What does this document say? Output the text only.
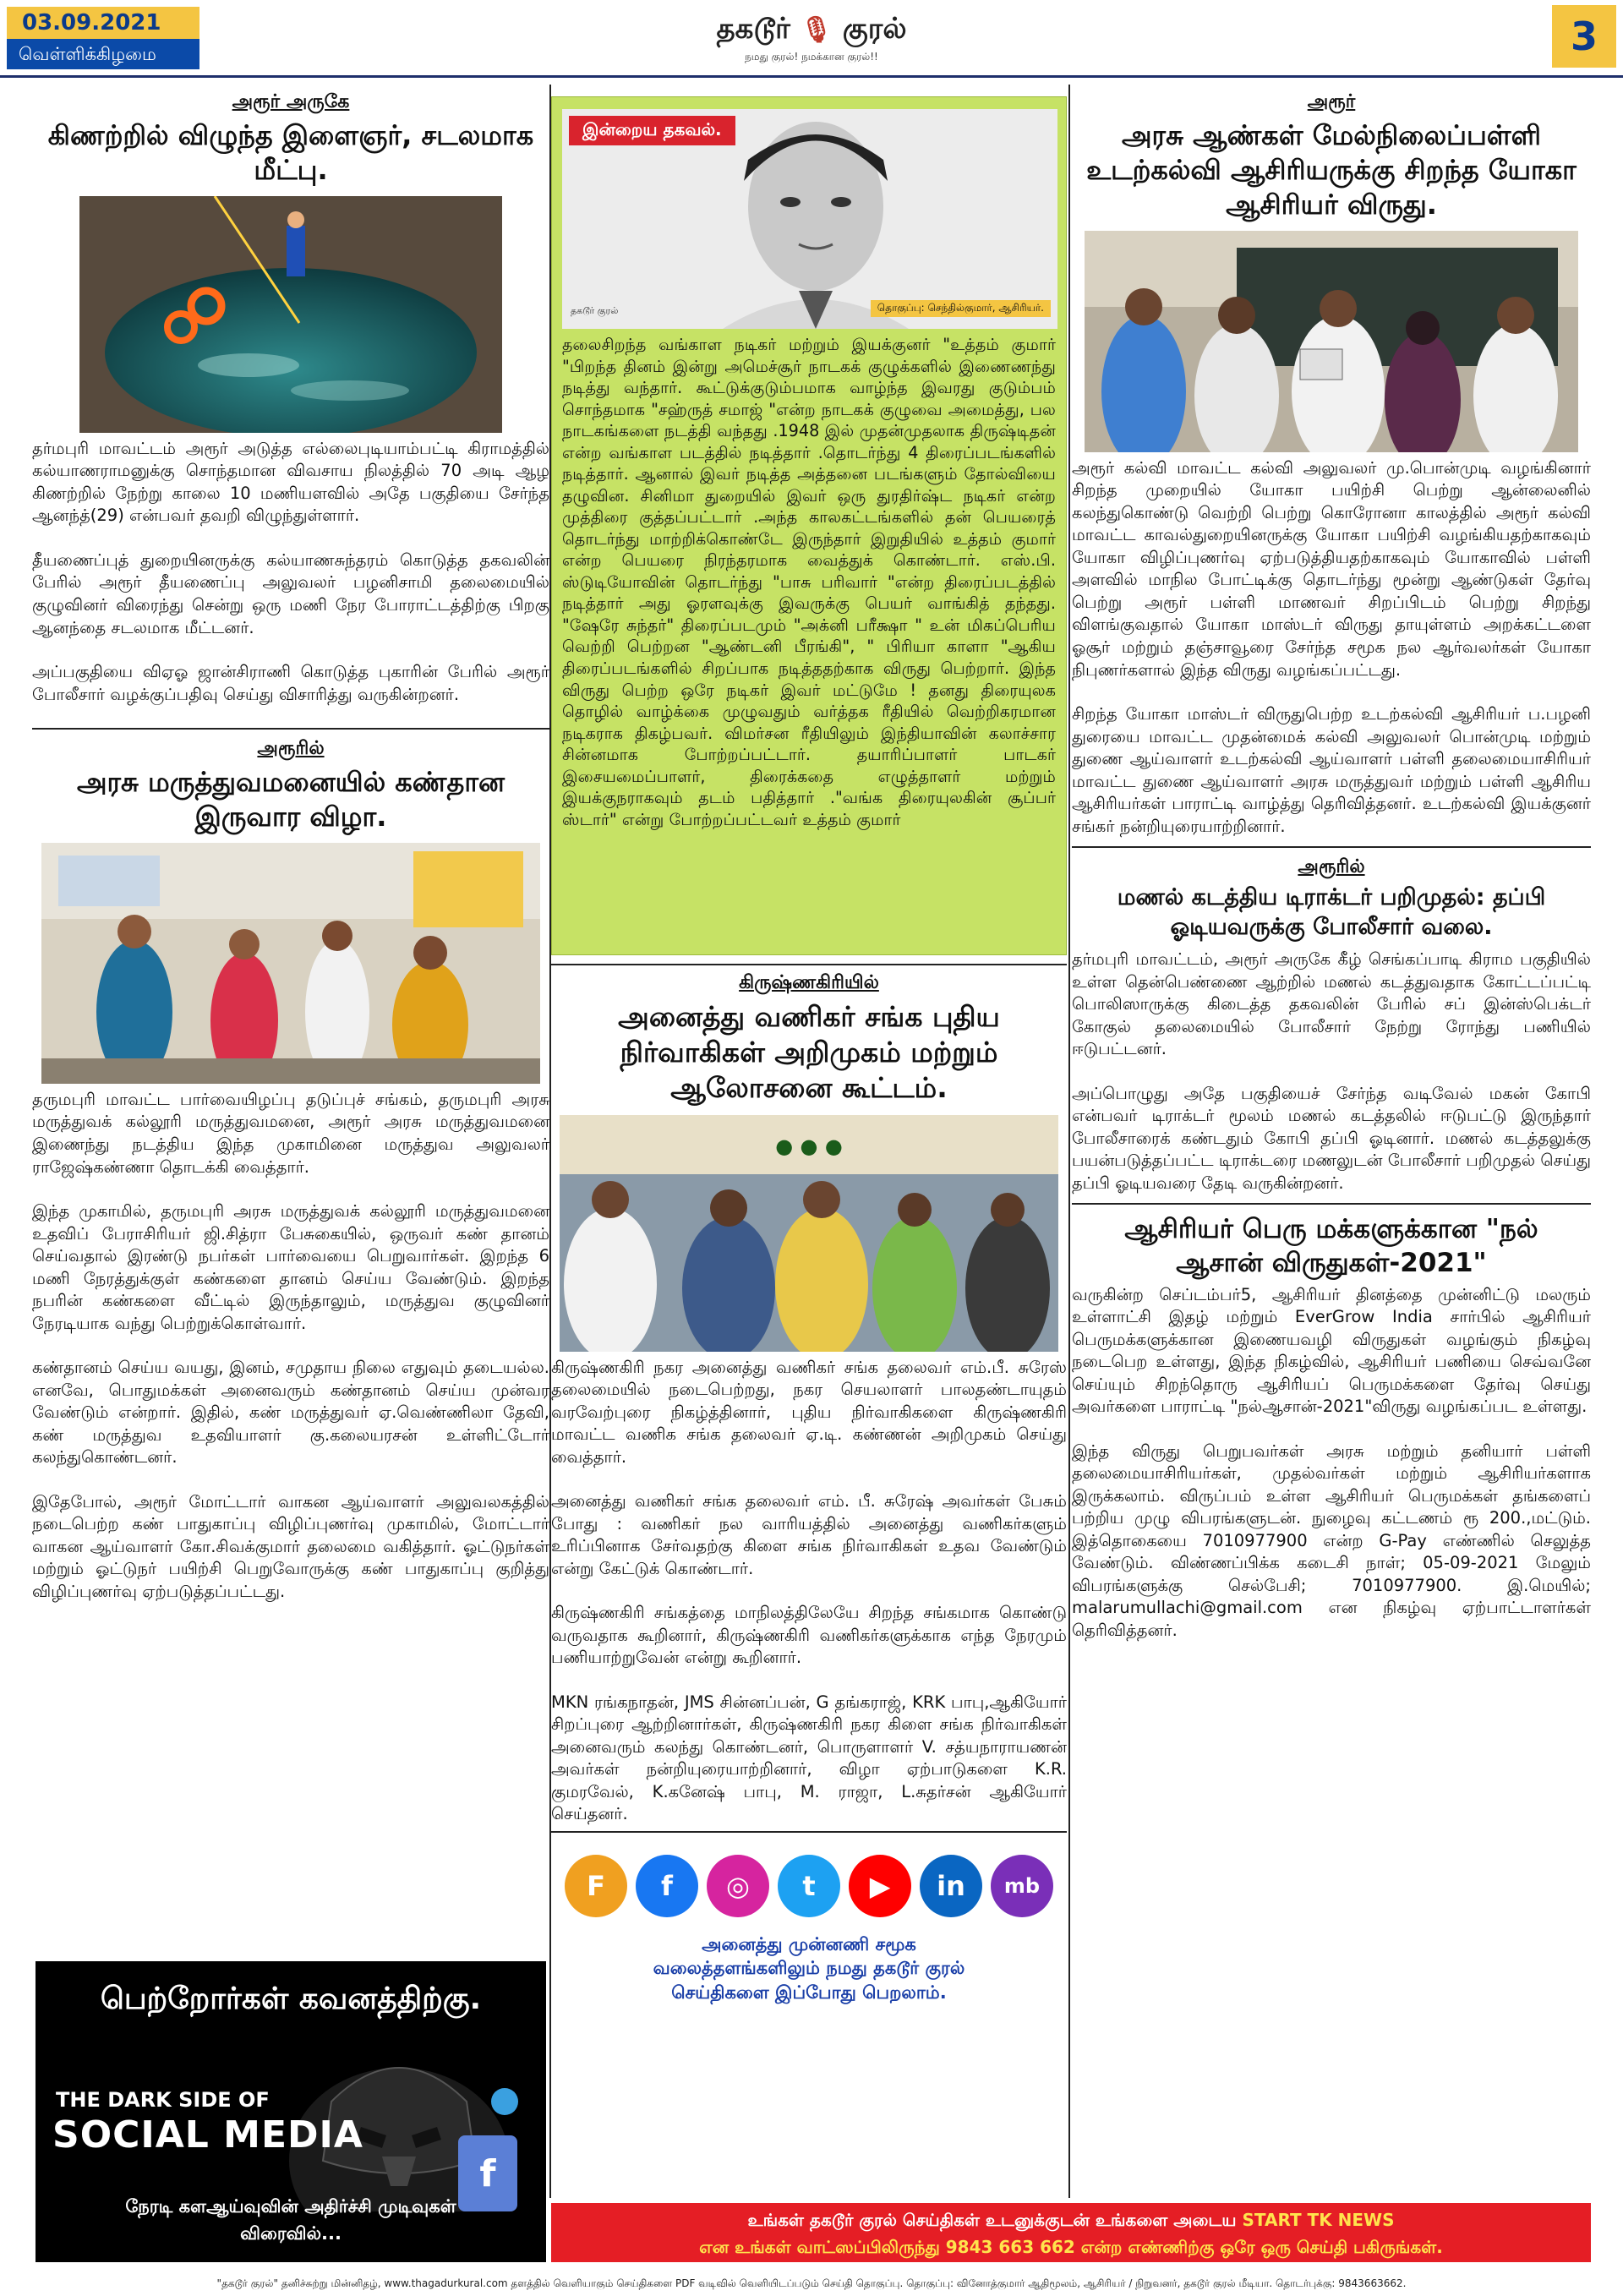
03.09.2021
வெள்ளிக்கிழமை
தகடூர் 🎙 குரல்
நமது குரல்! நமக்கான குரல்!!	3
அரூர் அருகே
கிணற்றில் விழுந்த இளைஞர், சடலமாக மீட்பு.

தர்மபுரி மாவட்டம் அரூர் அடுத்த எல்லைபுடியாம்பட்டி கிராமத்தில் கல்யாணராமனுக்கு சொந்தமான விவசாய நிலத்தில் 70 அடி ஆழ கிணற்றில் நேற்று காலை 10 மணியளவில் அதே பகுதியை சேர்ந்த ஆனந்த்(29) என்பவர் தவறி விழுந்துள்ளார்.

தீயணைப்புத் துறையினருக்கு கல்யாணசுந்தரம் கொடுத்த தகவலின் பேரில் அரூர் தீயணைப்பு அலுவலர் பழனிசாமி தலைமையில் குழுவினர் விரைந்து சென்று ஒரு மணி நேர போராட்டத்திற்கு பிறகு ஆனந்தை சடலமாக மீட்டனர்.

அப்பகுதியை விஏஓ ஜான்சிராணி கொடுத்த புகாரின் பேரில் அரூர் போலீசார் வழக்குப்பதிவு செய்து விசாரித்து வருகின்றனர்.

அரூரில்
அரசு மருத்துவமனையில் கண்தான இருவார விழா.

தருமபுரி மாவட்ட பார்வையிழப்பு தடுப்புச் சங்கம், தருமபுரி அரசு மருத்துவக் கல்லூரி மருத்துவமனை, அரூர் அரசு மருத்துவமனை இணைந்து நடத்திய இந்த முகாமினை மருத்துவ அலுவலர் ராஜேஷ்கண்ணா தொடக்கி வைத்தார்.

இந்த முகாமில், தருமபுரி அரசு மருத்துவக் கல்லூரி மருத்துவமனை உதவிப் பேராசிரியர் ஜி.சித்ரா பேசுகையில், ஒருவர் கண் தானம் செய்வதால் இரண்டு நபர்கள் பார்வையை பெறுவார்கள். இறந்த 6 மணி நேரத்துக்குள் கண்களை தானம் செய்ய வேண்டும். இறந்த நபரின் கண்களை வீட்டில் இருந்தாலும், மருத்துவ குழுவினர் நேரடியாக வந்து பெற்றுக்கொள்வார்.

கண்தானம் செய்ய வயது, இனம், சமுதாய நிலை எதுவும் தடையல்ல. எனவே, பொதுமக்கள் அனைவரும் கண்தானம் செய்ய முன்வர வேண்டும் என்றார். இதில், கண் மருத்துவர் ஏ.வெண்ணிலா தேவி, கண் மருத்துவ உதவியாளர் கு.கலையரசன் உள்ளிட்டோர் கலந்துகொண்டனர்.

இதேபோல், அரூர் மோட்டார் வாகன ஆய்வாளர் அலுவலகத்தில் நடைபெற்ற கண் பாதுகாப்பு விழிப்புணர்வு முகாமில், மோட்டார் வாகன ஆய்வாளர் கோ.சிவக்குமார் தலைமை வகித்தார். ஓட்டுநர்கள் மற்றும் ஓட்டுநர் பயிற்சி பெறுவோருக்கு கண் பாதுகாப்பு குறித்து விழிப்புணர்வு ஏற்படுத்தப்பட்டது.

பெற்றோர்கள் கவனத்திற்கு.
f
THE DARK SIDE OF
SOCIAL MEDIA
நேரடி களஆய்வுவின் அதிர்ச்சி முடிவுகள்
விரைவில்...
இன்றைய தகவல்.
தகடூர் குரல்	தொகுப்பு: செந்தில்குமார், ஆசிரியர்.
தலைசிறந்த வங்காள நடிகர் மற்றும் இயக்குனர் "உத்தம் குமார் "பிறந்த தினம் இன்று அமெச்சூர் நாடகக் குழுக்களில் இணைணந்து நடித்து வந்தார். கூட்டுக்குடும்பமாக வாழ்ந்த இவரது குடும்பம் சொந்தமாக "சஹ்ருத் சமாஜ் "என்ற நாடகக் குழுவை அமைத்து, பல நாடகங்களை நடத்தி வந்தது .1948 இல் முதன்முதலாக திருஷ்டிதன் என்ற வங்காள படத்தில் நடித்தார் .தொடர்ந்து 4 திரைப்படங்களில் நடித்தார். ஆனால் இவர் நடித்த அத்தனை படங்களும் தோல்வியை தழுவின. சினிமா துறையில் இவர் ஒரு துரதிர்ஷ்ட நடிகர் என்ற முத்திரை குத்தப்பட்டார் .அந்த காலகட்டங்களில் தன் பெயரைத் தொடர்ந்து மாற்றிக்கொண்டே இருந்தார் இறுதியில் உத்தம் குமார் என்ற பெயரை நிரந்தரமாக வைத்துக் கொண்டார். எஸ்.பி. ஸ்டுடியோவின் தொடர்ந்து "பாசு பரிவார் "என்ற திரைப்படத்தில் நடித்தார் அது ஓரளவுக்கு இவருக்கு பெயர் வாங்கித் தந்தது. "ஷேரே சுந்தர்" திரைப்படமும் "அக்னி பரீக்ஷா " உன் மிகப்பெரிய வெற்றி பெற்றன "ஆண்டனி பீரங்கி", " பிரியா காளா "ஆகிய திரைப்படங்களில் சிறப்பாக நடித்ததற்காக விருது பெற்றார். இந்த விருது பெற்ற ஒரே நடிகர் இவர் மட்டுமே ! தனது திரையுலக தொழில் வாழ்க்கை முழுவதும் வர்த்தக ரீதியில் வெற்றிகரமான நடிகராக திகழ்பவர். விமர்சன ரீதியிலும் இந்தியாவின் கலாச்சார சின்னமாக போற்றப்பட்டார். தயாரிப்பாளர் பாடகர் இசையமைப்பாளர், திரைக்கதை எழுத்தாளர் மற்றும் இயக்குநராகவும் தடம் பதித்தார் ."வங்க திரையுலகின் சூப்பர் ஸ்டார்" என்று போற்றப்பட்டவர் உத்தம் குமார்
கிருஷ்ணகிரியில்
அனைத்து வணிகர் சங்க புதிய நிர்வாகிகள் அறிமுகம் மற்றும் ஆலோசனை கூட்டம்.
● ● ●

கிருஷ்ணகிரி நகர அனைத்து வணிகர் சங்க தலைவர் எம்.பீ. சுரேஸ் தலைமையில் நடைபெற்றது, நகர செயலாளர் பாலதண்டாயுதம் வரவேற்புரை நிகழ்த்தினார், புதிய நிர்வாகிகளை கிருஷ்ணகிரி மாவட்ட வணிக சங்க தலைவர் ஏ.டி. கண்ணன் அறிமுகம் செய்து வைத்தார்.

அனைத்து வணிகர் சங்க தலைவர் எம். பீ. சுரேஷ் அவர்கள் பேசும் போது : வணிகர் நல வாரியத்தில் அனைத்து வணிகர்களும் உரிப்பினாக சேர்வதற்கு கிளை சங்க நிர்வாகிகள் உதவ வேண்டும் என்று கேட்டுக் கொண்டார்.

கிருஷ்ணகிரி சங்கத்தை மாநிலத்திலேயே சிறந்த சங்கமாக கொண்டு வருவதாக கூறினார், கிருஷ்ணகிரி வணிகர்களுக்காக எந்த நேரமும் பணியாற்றுவேன் என்று கூறினார்.

MKN ரங்கநாதன், JMS சின்னப்பன், G தங்கராஜ், KRK பாபு,ஆகியோர் சிறப்புரை ஆற்றினார்கள், கிருஷ்ணகிரி நகர கிளை சங்க நிர்வாகிகள் அனைவரும் கலந்து கொண்டனர், பொருளாளர் V. சத்யநாராயணன் அவர்கள் நன்றியுரையாற்றினார், விழா ஏற்பாடுகளை K.R. குமரவேல், K.கனேஷ் பாபு, M. ராஜா, L.சுதர்சன் ஆகியோர் செய்தனர்.

F	f	◎	t	▶	in	mb
அனைத்து முன்னணி சமூக
வலைத்தளங்களிலும் நமது தகடூர் குரல்
செய்திகளை இப்போது பெறலாம்.
அரூர்
அரசு ஆண்கள் மேல்நிலைப்பள்ளி உடற்கல்வி ஆசிரியருக்கு சிறந்த யோகா ஆசிரியர் விருது.

அரூர் கல்வி மாவட்ட கல்வி அலுவலர் மு.பொன்முடி வழங்கினார் சிறந்த முறையில் யோகா பயிற்சி பெற்று ஆன்லைனில் கலந்துகொண்டு வெற்றி பெற்று கொரோனா காலத்தில் அரூர் கல்வி மாவட்ட காவல்துறையினருக்கு யோகா பயிற்சி வழங்கியதற்காகவும் யோகா விழிப்புணர்வு ஏற்படுத்தியதற்காகவும் யோகாவில் பள்ளி அளவில் மாநில போட்டிக்கு தொடர்ந்து மூன்று ஆண்டுகள் தேர்வு பெற்று அரூர் பள்ளி மாணவர் சிறப்பிடம் பெற்று சிறந்து விளங்குவதால் யோகா மாஸ்டர் விருது தாயுள்ளம் அறக்கட்டளை ஓசூர் மற்றும் தஞ்சாவூரை சேர்ந்த சமூக நல ஆர்வலர்கள் யோகா நிபுணர்களால் இந்த விருது வழங்கப்பட்டது.

சிறந்த யோகா மாஸ்டர் விருதுபெற்ற உடற்கல்வி ஆசிரியர் ப.பழனி துரையை மாவட்ட முதன்மைக் கல்வி அலுவலர் பொன்முடி மற்றும் துணை ஆய்வாளர் உடற்கல்வி ஆய்வாளர் பள்ளி தலைமையாசிரியர் மாவட்ட துணை ஆய்வாளர் அரசு மருத்துவர் மற்றும் பள்ளி ஆசிரிய ஆசிரியர்கள் பாராட்டி வாழ்த்து தெரிவித்தனர். உடற்கல்வி இயக்குனர் சங்கர் நன்றியுரையாற்றினார்.

அரூரில்
மணல் கடத்திய டிராக்டர் பறிமுதல்: தப்பி ஓடியவருக்கு போலீசார் வலை.

தர்மபுரி மாவட்டம், அரூர் அருகே கீழ் செங்கப்பாடி கிராம பகுதியில் உள்ள தென்பெண்ணை ஆற்றில் மணல் கடத்துவதாக கோட்டப்பட்டி பொலிஸாருக்கு கிடைத்த தகவலின் பேரில் சப் இன்ஸ்பெக்டர் கோகுல் தலைமையில் போலீசார் நேற்று ரோந்து பணியில் ஈடுபட்டனர்.

அப்பொழுது அதே பகுதியைச் சேர்ந்த வடிவேல் மகன் கோபி என்பவர் டிராக்டர் மூலம் மணல் கடத்தலில் ஈடுபட்டு இருந்தார் போலீசாரைக் கண்டதும் கோபி தப்பி ஓடினார். மணல் கடத்தலுக்கு பயன்படுத்தப்பட்ட டிராக்டரை மணலுடன் போலீசார் பறிமுதல் செய்து தப்பி ஓடியவரை தேடி வருகின்றனர்.

ஆசிரியர் பெரு மக்களுக்கான "நல் ஆசான் விருதுகள்-2021"

வருகின்ற செப்டம்பர்5, ஆசிரியர் தினத்தை முன்னிட்டு மலரும் உள்ளாட்சி இதழ் மற்றும் EverGrow India சார்பில் ஆசிரியர் பெருமக்களுக்கான இணையவழி விருதுகள் வழங்கும் நிகழ்வு நடைபெற உள்ளது, இந்த நிகழ்வில், ஆசிரியர் பணியை செவ்வனே செய்யும் சிறந்தொரு ஆசிரியப் பெருமக்களை தேர்வு செய்து அவர்களை பாராட்டி "நல்ஆசான்-2021"விருது வழங்கப்பட உள்ளது.

இந்த விருது பெறுபவர்கள் அரசு மற்றும் தனியார் பள்ளி தலைமையாசிரியர்கள், முதல்வர்கள் மற்றும் ஆசிரியர்களாக இருக்கலாம். விருப்பம் உள்ள ஆசிரியர் பெருமக்கள் தங்களைப் பற்றிய முழு விபரங்களுடன். நுழைவு கட்டணம் ரூ 200.,மட்டும். இத்தொகையை 7010977900 என்ற G-Pay எண்ணில் செலுத்த வேண்டும். விண்ணப்பிக்க கடைசி நாள்; 05-09-2021 மேலும் விபரங்களுக்கு செல்பேசி; 7010977900. இ.மெயில்; malarumullachi@gmail.com என நிகழ்வு ஏற்பாட்டாளர்கள் தெரிவித்தனர்.

உங்கள் தகடூர் குரல் செய்திகள் உடனுக்குடன் உங்களை அடைய START TK NEWS
என உங்கள் வாட்ஸப்பிலிருந்து 9843 663 662 என்ற எண்ணிற்கு ஒரே ஒரு செய்தி பகிருங்கள்.
"தகடூர் குரல்" தனிச்சுற்று மின்னிதழ், www.thagadurkural.com தளத்தில் வெளியாகும் செய்திகளை PDF வடிவில் வெளியிடப்படும் செய்தி தொகுப்பு. தொகுப்பு: வினோத்குமார் ஆதிமூலம், ஆசிரியர் / நிறுவனர், தகடூர் குரல் மீடியா. தொடர்புக்கு: 9843663662.
